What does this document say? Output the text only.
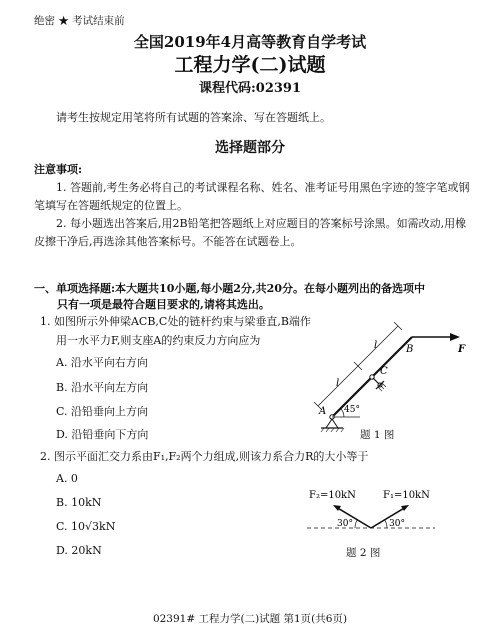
绝密 ★ 考试结束前
全国2019年4月高等教育自学考试
工程力学(二)试题
课程代码:02391
请考生按规定用笔将所有试题的答案涂、写在答题纸上。
选择题部分
注意事项:
1. 答题前,考生务必将自己的考试课程名称、姓名、准考证号用黑色字迹的签字笔或钢笔填写在答题纸规定的位置上。
2. 每小题选出答案后,用2B铅笔把答题纸上对应题目的答案标号涂黑。如需改动,用橡皮擦干净后,再选涂其他答案标号。不能答在试题卷上。
一、单项选择题:本大题共10小题,每小题2分,共20分。在每小题列出的备选项中
只有一项是最符合题目要求的,请将其选出。
1. 如图所示外伸梁ACB,C处的链杆约束与梁垂直,B端作
用一水平力F,则支座A的约束反力方向应为
A. 沿水平向右方向
B. 沿水平向左方向
C. 沿铅垂向上方向
D. 沿铅垂向下方向
l
l	B	F
C
A 45°
题 1 图
2. 图示平面汇交力系由F₁,F₂两个力组成,则该力系合力R的大小等于
A. 0
B. 10kN
C. 10√3kN
D. 20kN
F₂=10kN	F₁=10kN
30°	30°
题 2 图
02391# 工程力学(二)试题 第1页(共6页)
